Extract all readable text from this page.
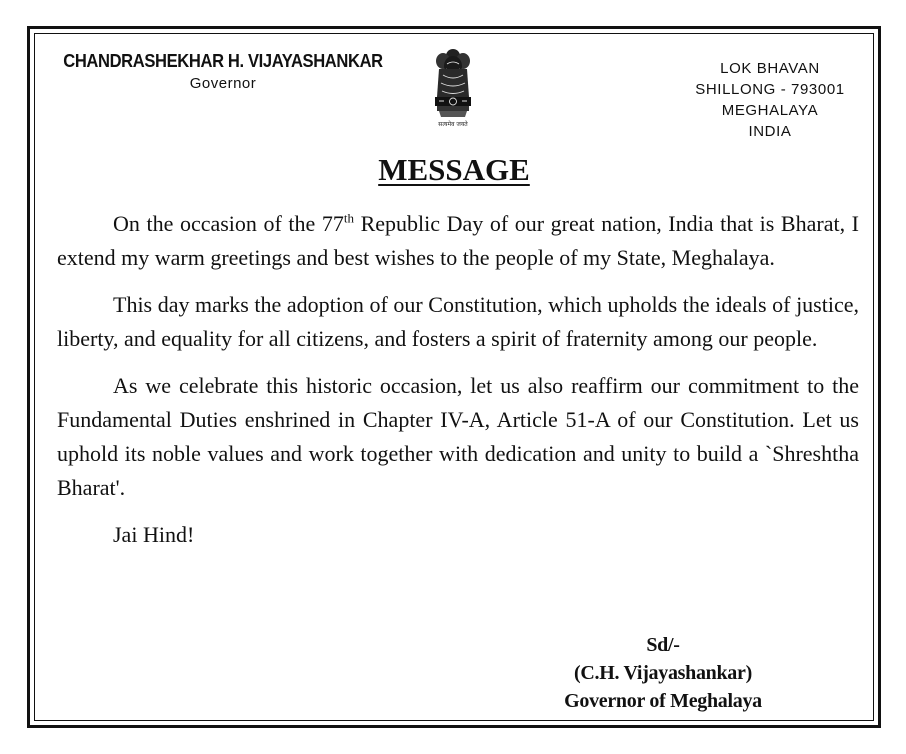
CHANDRASHEKHAR H. VIJAYASHANKAR
Governor
सत्यमेव जयते
LOK BHAVAN
SHILLONG - 793001
MEGHALAYA
INDIA
MESSAGE

On the occasion of the 77th Republic Day of our great nation, India that is Bharat, I extend my warm greetings and best wishes to the people of my State, Meghalaya.

This day marks the adoption of our Constitution, which upholds the ideals of justice, liberty, and equality for all citizens, and fosters a spirit of fraternity among our people.

As we celebrate this historic occasion, let us also reaffirm our commitment to the Fundamental Duties enshrined in Chapter IV-A, Article 51-A of our Constitution. Let us uphold its noble values and work together with dedication and unity to build a `Shreshtha Bharat'.

Jai Hind!

Sd/-
(C.H. Vijayashankar)
Governor of Meghalaya
